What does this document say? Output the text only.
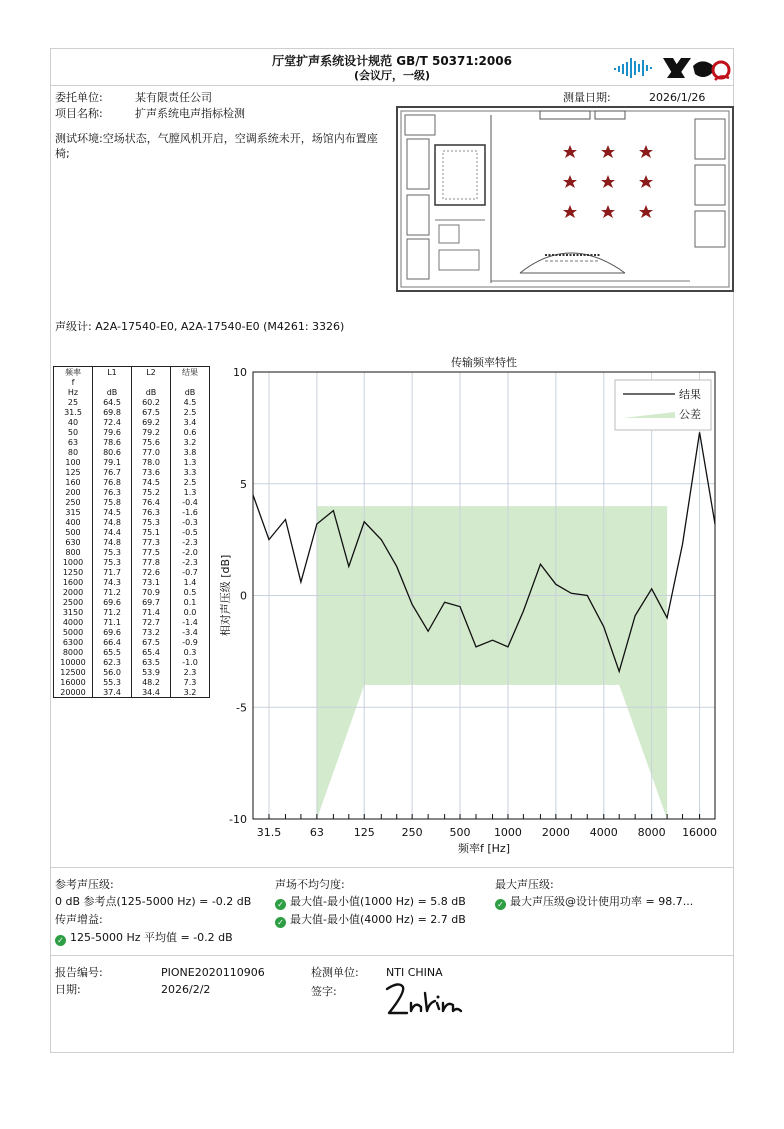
厅堂扩声系统设计规范 GB/T 50371:2006
(会议厅，一级)
委托单位:	某有限责任公司
项目名称:	扩声系统电声指标检测
测量日期:	2026/1/26
测试环境:空场状态，气膛风机开启，空调系统未开，场馆内布置座椅;
声级计: A2A-17540-E0, A2A-17540-E0 (M4261: 3326)
频率	L1	L2	结果
f			
Hz	dB	dB	dB
25	64.5	60.2	4.5
31.5	69.8	67.5	2.5
40	72.4	69.2	3.4
50	79.6	79.2	0.6
63	78.6	75.6	3.2
80	80.6	77.0	3.8
100	79.1	78.0	1.3
125	76.7	73.6	3.3
160	76.8	74.5	2.5
200	76.3	75.2	1.3
250	75.8	76.4	-0.4
315	74.5	76.3	-1.6
400	74.8	75.3	-0.3
500	74.4	75.1	-0.5
630	74.8	77.3	-2.3
800	75.3	77.5	-2.0
1000	75.3	77.8	-2.3
1250	71.7	72.6	-0.7
1600	74.3	73.1	1.4
2000	71.2	70.9	0.5
2500	69.6	69.7	0.1
3150	71.2	71.4	0.0
4000	71.1	72.7	-1.4
5000	69.6	73.2	-3.4
6300	66.4	67.5	-0.9
8000	65.5	65.4	0.3
10000	62.3	63.5	-1.0
12500	56.0	53.9	2.3
16000	55.3	48.2	7.3
20000	37.4	34.4	3.2
传输频率特性
10
5
0
-5
-10
31.5	63	125 250 500 1000 2000 4000 8000 16000
频率f [Hz]
相对声压级 [dB]
结果
公差
参考声压级:
0 dB 参考点(125-5000 Hz) = -0.2 dB
传声增益:
✓ 125-5000 Hz 平均值 = -0.2 dB
声场不均匀度:
✓ 最大值-最小值(1000 Hz) = 5.8 dB
✓ 最大值-最小值(4000 Hz) = 2.7 dB
最大声压级:
✓ 最大声压级@设计使用功率 = 98.7...
报告编号:	PIONE2020110906
日期:	2026/2/2
检测单位: NTI CHINA
签字:
